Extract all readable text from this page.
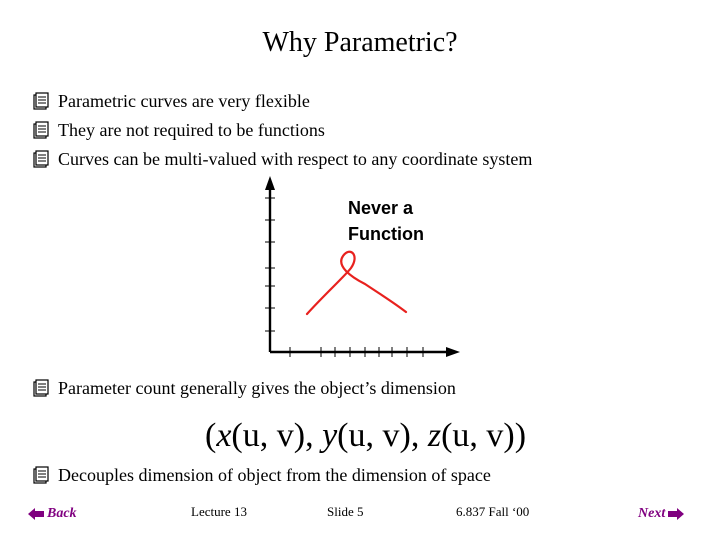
Why Parametric?
Parametric curves are very flexible
They are not required to be functions
Curves can be multi-valued with respect to any coordinate system
Never a
Function
Parameter count generally gives the object’s dimension
(x(u, v), y(u, v), z(u, v))
Decouples dimension of object from the dimension of space
Back	Lecture 13	Slide 5	6.837 Fall ‘00	Next
